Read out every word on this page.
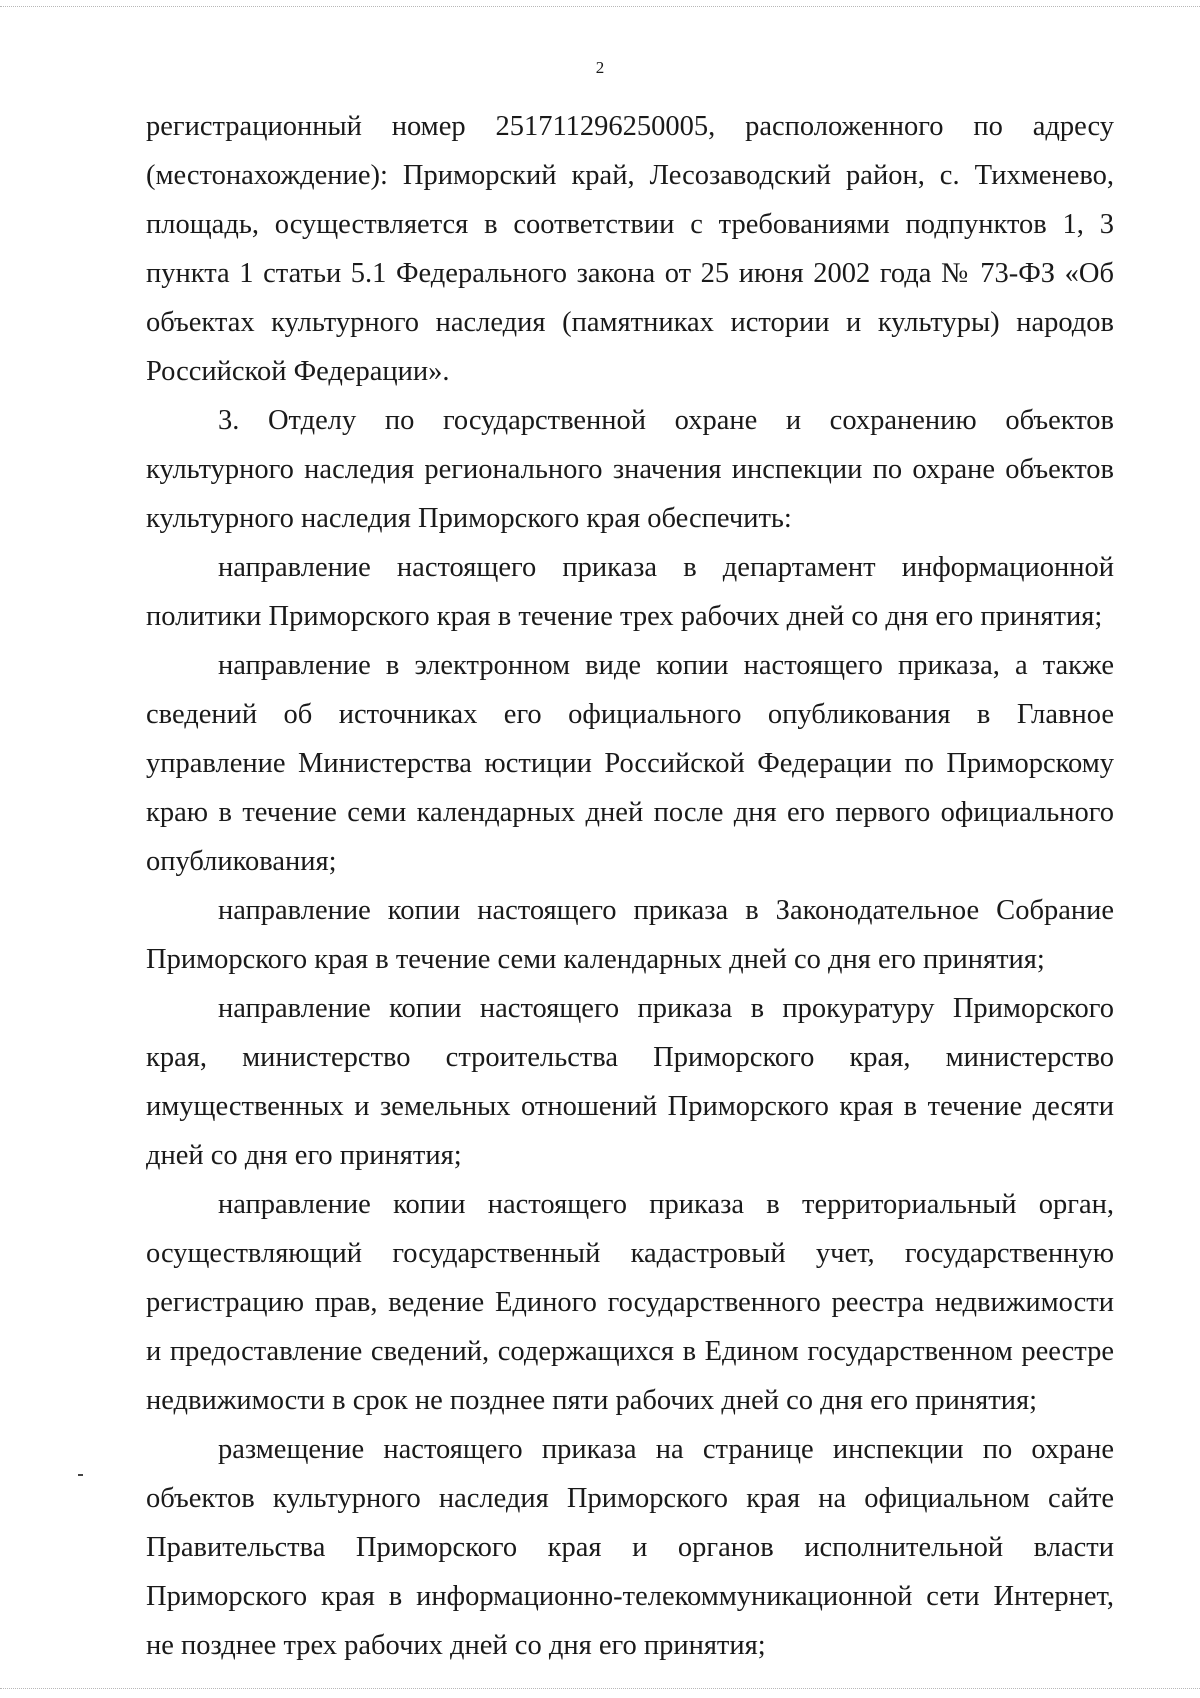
2

регистрационный номер 251711296250005, расположенного по адресу
(местонахождение): Приморский край, Лесозаводский район, с. Тихменево, площадь, осуществляется в соответствии с требованиями подпунктов 1, 3 пункта 1 статьи 5.1 Федерального закона от 25 июня 2002 года № 73-ФЗ «Об объектах культурного наследия (памятниках истории и культуры) народов Российской Федерации».

3. Отделу по государственной охране и сохранению объектов культурного наследия регионального значения инспекции по охране объектов культурного наследия Приморского края обеспечить:

направление настоящего приказа в департамент информационной политики Приморского края в течение трех рабочих дней со дня его принятия;

направление в электронном виде копии настоящего приказа, а также сведений об источниках его официального опубликования в Главное управление Министерства юстиции Российской Федерации по Приморскому краю в течение семи календарных дней после дня его первого официального опубликования;

направление копии настоящего приказа в Законодательное Собрание Приморского края в течение семи календарных дней со дня его принятия;

направление копии настоящего приказа в прокуратуру Приморского края, министерство строительства Приморского края, министерство имущественных и земельных отношений Приморского края в течение десяти дней со дня его принятия;

направление копии настоящего приказа в территориальный орган, осуществляющий государственный кадастровый учет, государственную регистрацию прав, ведение Единого государственного реестра недвижимости и предоставление сведений, содержащихся в Едином государственном реестре недвижимости в срок не позднее пяти рабочих дней со дня его принятия;

размещение настоящего приказа на странице инспекции по охране объектов культурного наследия Приморского края на официальном сайте Правительства Приморского края и органов исполнительной власти Приморского края в информационно-телекоммуникационной сети Интернет, не позднее трех рабочих дней со дня его принятия;
